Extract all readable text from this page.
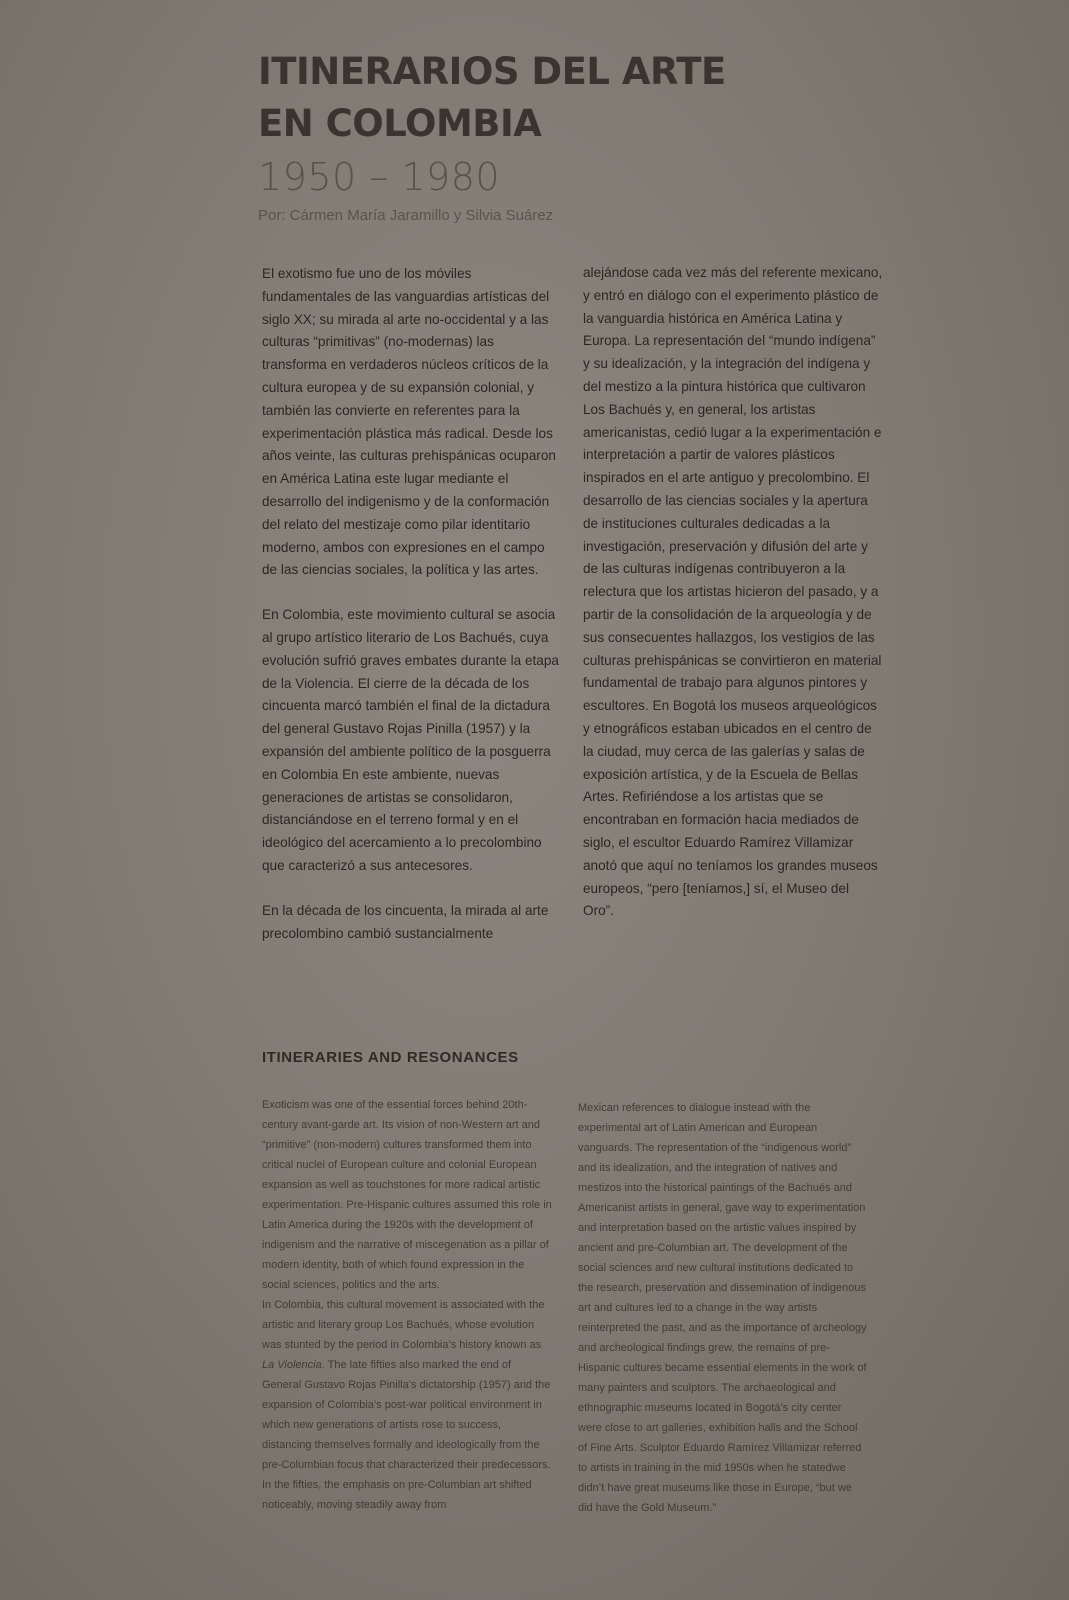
ITINERARIOS DEL ARTE
EN COLOMBIA
1950 – 1980
Por: Cármen María Jaramillo y Silvia Suárez

El exotismo fue uno de los móviles fundamentales de las vanguardias artísticas del siglo XX; su mirada al arte no-occidental y a las culturas “primitivas” (no-modernas) las transforma en verdaderos núcleos críticos de la cultura europea y de su expansión colonial, y también las convierte en referentes para la experimentación plástica más radical. Desde los años veinte, las culturas prehispánicas ocuparon en América Latina este lugar mediante el desarrollo del indigenismo y de la conformación del relato del mestizaje como pilar identitario moderno, ambos con expresiones en el campo de las ciencias sociales, la política y las artes.

En Colombia, este movimiento cultural se asocia al grupo artístico literario de Los Bachués, cuya evolución sufrió graves embates durante la etapa de la Violencia. El cierre de la década de los cincuenta marcó también el final de la dictadura del general Gustavo Rojas Pinilla (1957) y la expansión del ambiente político de la posguerra en Colombia En este ambiente, nuevas generaciones de artistas se consolidaron, distanciándose en el terreno formal y en el ideológico del acercamiento a lo precolombino que caracterizó a sus antecesores.

En la década de los cincuenta, la mirada al arte precolombino cambió sustancialmente

alejándose cada vez más del referente mexicano, y entró en diálogo con el experimento plástico de la vanguardia histórica en América Latina y Europa. La representación del “mundo indígena” y su idealización, y la integración del indígena y del mestizo a la pintura histórica que cultivaron Los Bachués y, en general, los artistas americanistas, cedió lugar a la experimentación e interpretación a partir de valores plásticos inspirados en el arte antiguo y precolombino. El desarrollo de las ciencias sociales y la apertura de instituciones culturales dedicadas a la investigación, preservación y difusión del arte y de las culturas indígenas contribuyeron a la relectura que los artistas hicieron del pasado, y a partir de la consolidación de la arqueología y de sus consecuentes hallazgos, los vestigios de las culturas prehispánicas se convirtieron en material fundamental de trabajo para algunos pintores y escultores. En Bogotá los museos arqueológicos y etnográficos estaban ubicados en el centro de la ciudad, muy cerca de las galerías y salas de exposición artística, y de la Escuela de Bellas Artes. Refiriéndose a los artistas que se encontraban en formación hacia mediados de siglo, el escultor Eduardo Ramírez Villamizar anotó que aquí no teníamos los grandes museos europeos, “pero [teníamos,] sí, el Museo del Oro”.

ITINERARIES AND RESONANCES

Exoticism was one of the essential forces behind 20th-century avant-garde art. Its vision of non-Western art and “primitive” (non-modern) cultures transformed them into critical nuclei of European culture and colonial European expansion as well as touchstones for more radical artistic experimentation. Pre-Hispanic cultures assumed this role in Latin America during the 1920s with the development of indigenism and the narrative of miscegenation as a pillar of modern identity, both of which found expression in the social sciences, politics and the arts.

In Colombia, this cultural movement is associated with the artistic and literary group Los Bachués, whose evolution was stunted by the period in Colombia’s history known as La Violencia. The late fifties also marked the end of General Gustavo Rojas Pinilla’s dictatorship (1957) and the expansion of Colombia’s post-war political environment in which new generations of artists rose to success, distancing themselves formally and ideologically from the pre-Columbian focus that characterized their predecessors. In the fifties, the emphasis on pre-Columbian art shifted noticeably, moving steadily away from

Mexican references to dialogue instead with the experimental art of Latin American and European vanguards. The representation of the “indigenous world” and its idealization, and the integration of natives and mestizos into the historical paintings of the Bachués and Americanist artists in general, gave way to experimentation and interpretation based on the artistic values inspired by ancient and pre-Columbian art. The development of the social sciences and new cultural institutions dedicated to the research, preservation and dissemination of indigenous art and cultures led to a change in the way artists reinterpreted the past, and as the importance of archeology and archeological findings grew, the remains of pre-Hispanic cultures became essential elements in the work of many painters and sculptors. The archaeological and ethnographic museums located in Bogotá’s city center were close to art galleries, exhibition halls and the School of Fine Arts. Sculptor Eduardo Ramírez Villamizar referred to artists in training in the mid 1950s when he statedwe didn’t have great museums like those in Europe, “but we did have the Gold Museum.”
